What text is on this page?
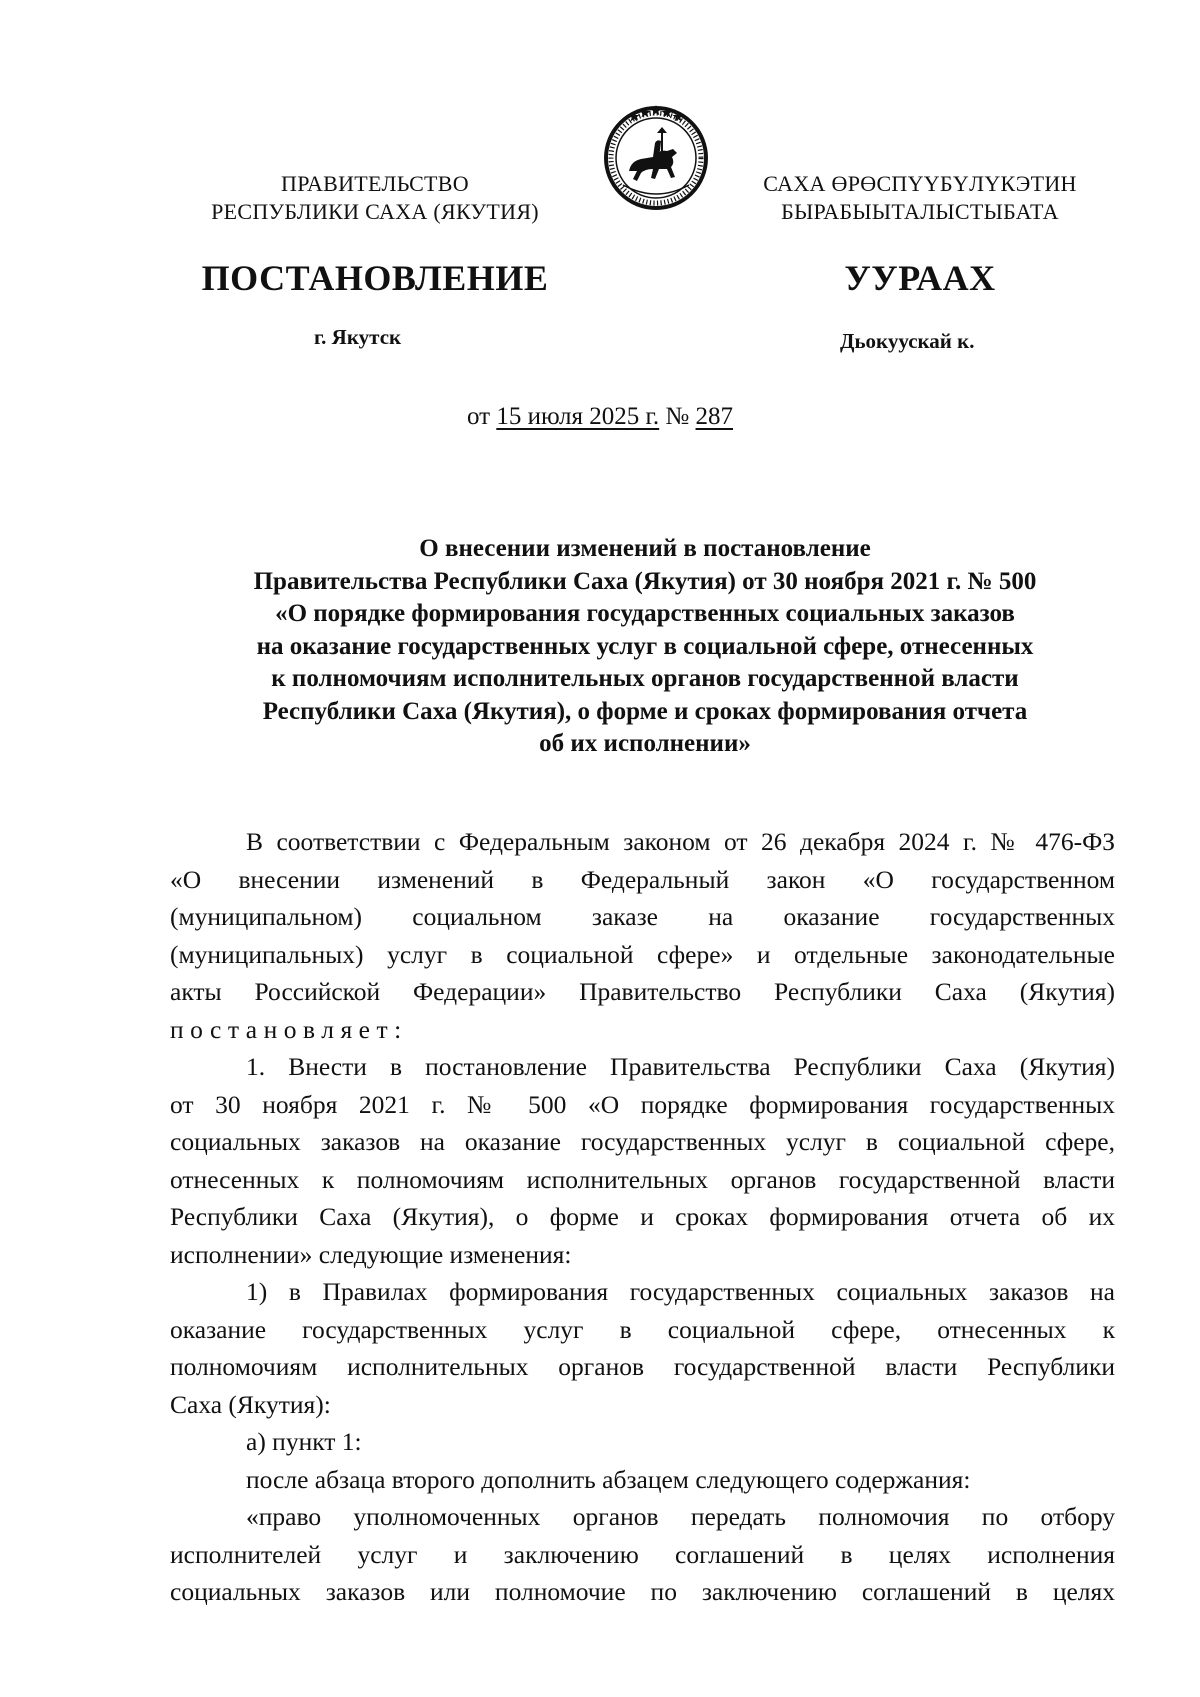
ПРАВИТЕЛЬСТВО
РЕСПУБЛИКИ САХА (ЯКУТИЯ)
САХА ӨРӨСПҮҮБҮЛҮКЭТИН
БЫРАБЫЫТАЛЫСТЫБАТА
ПОСТАНОВЛЕНИЕ	УУРААХ
г. Якутск	Дьокуускай к.
от 15 июля 2025 г. № 287
О внесении изменений в постановление
Правительства Республики Саха (Якутия) от 30 ноября 2021 г. № 500
«О порядке формирования государственных социальных заказов
на оказание государственных услуг в социальной сфере, отнесенных
к полномочиям исполнительных органов государственной власти
Республики Саха (Якутия), о форме и сроках формирования отчета
об их исполнении»
В соответствии с Федеральным законом от 26 декабря 2024 г. № 476-ФЗ
«О внесении изменений в Федеральный закон «О государственном
(муниципальном) социальном заказе на оказание государственных
(муниципальных) услуг в социальной сфере» и отдельные законодательные
акты Российской Федерации» Правительство Республики Саха (Якутия)
постановляет:
1. Внести в постановление Правительства Республики Саха (Якутия)
от 30 ноября 2021 г. № 500 «О порядке формирования государственных
социальных заказов на оказание государственных услуг в социальной сфере,
отнесенных к полномочиям исполнительных органов государственной власти
Республики Саха (Якутия), о форме и сроках формирования отчета об их
исполнении» следующие изменения:
1) в Правилах формирования государственных социальных заказов на
оказание государственных услуг в социальной сфере, отнесенных к
полномочиям исполнительных органов государственной власти Республики
Саха (Якутия):
а) пункт 1:
после абзаца второго дополнить абзацем следующего содержания:
«право уполномоченных органов передать полномочия по отбору
исполнителей услуг и заключению соглашений в целях исполнения
социальных заказов или полномочие по заключению соглашений в целях
